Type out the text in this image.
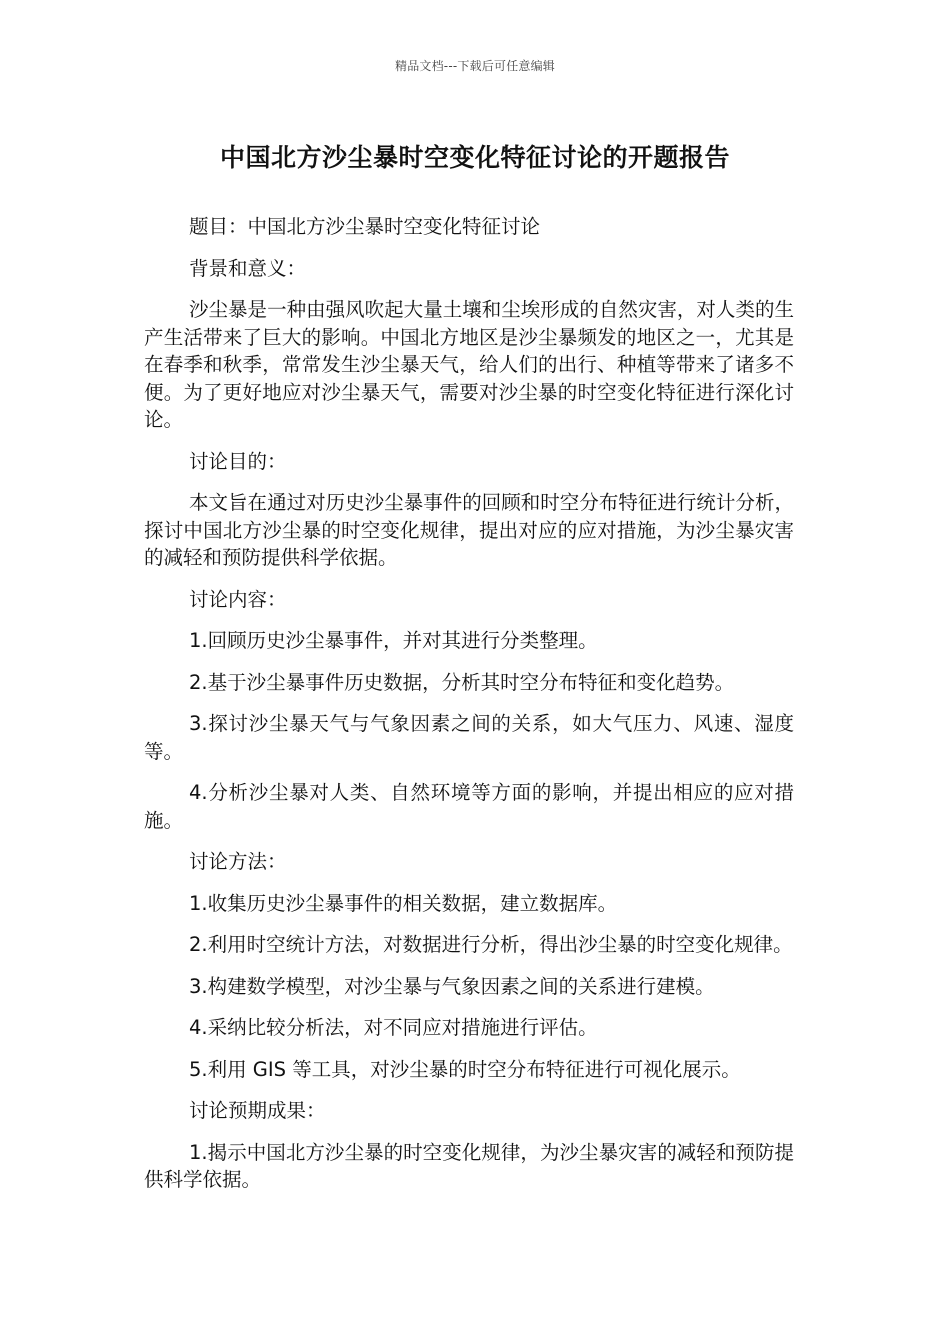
精品文档---下载后可任意编辑
中国北方沙尘暴时空变化特征讨论的开题报告

题目：中国北方沙尘暴时空变化特征讨论

背景和意义：

沙尘暴是一种由强风吹起大量土壤和尘埃形成的自然灾害，对人类的生产生活带来了巨大的影响。中国北方地区是沙尘暴频发的地区之一，尤其是在春季和秋季，常常发生沙尘暴天气，给人们的出行、种植等带来了诸多不便。为了更好地应对沙尘暴天气，需要对沙尘暴的时空变化特征进行深化讨论。

讨论目的：

本文旨在通过对历史沙尘暴事件的回顾和时空分布特征进行统计分析，探讨中国北方沙尘暴的时空变化规律，提出对应的应对措施，为沙尘暴灾害的减轻和预防提供科学依据。

讨论内容：

1.回顾历史沙尘暴事件，并对其进行分类整理。

2.基于沙尘暴事件历史数据，分析其时空分布特征和变化趋势。

3.探讨沙尘暴天气与气象因素之间的关系，如大气压力、风速、湿度等。

4.分析沙尘暴对人类、自然环境等方面的影响，并提出相应的应对措施。

讨论方法：

1.收集历史沙尘暴事件的相关数据，建立数据库。

2.利用时空统计方法，对数据进行分析，得出沙尘暴的时空变化规律。

3.构建数学模型，对沙尘暴与气象因素之间的关系进行建模。

4.采纳比较分析法，对不同应对措施进行评估。

5.利用 GIS 等工具，对沙尘暴的时空分布特征进行可视化展示。

讨论预期成果：

1.揭示中国北方沙尘暴的时空变化规律，为沙尘暴灾害的减轻和预防提供科学依据。
